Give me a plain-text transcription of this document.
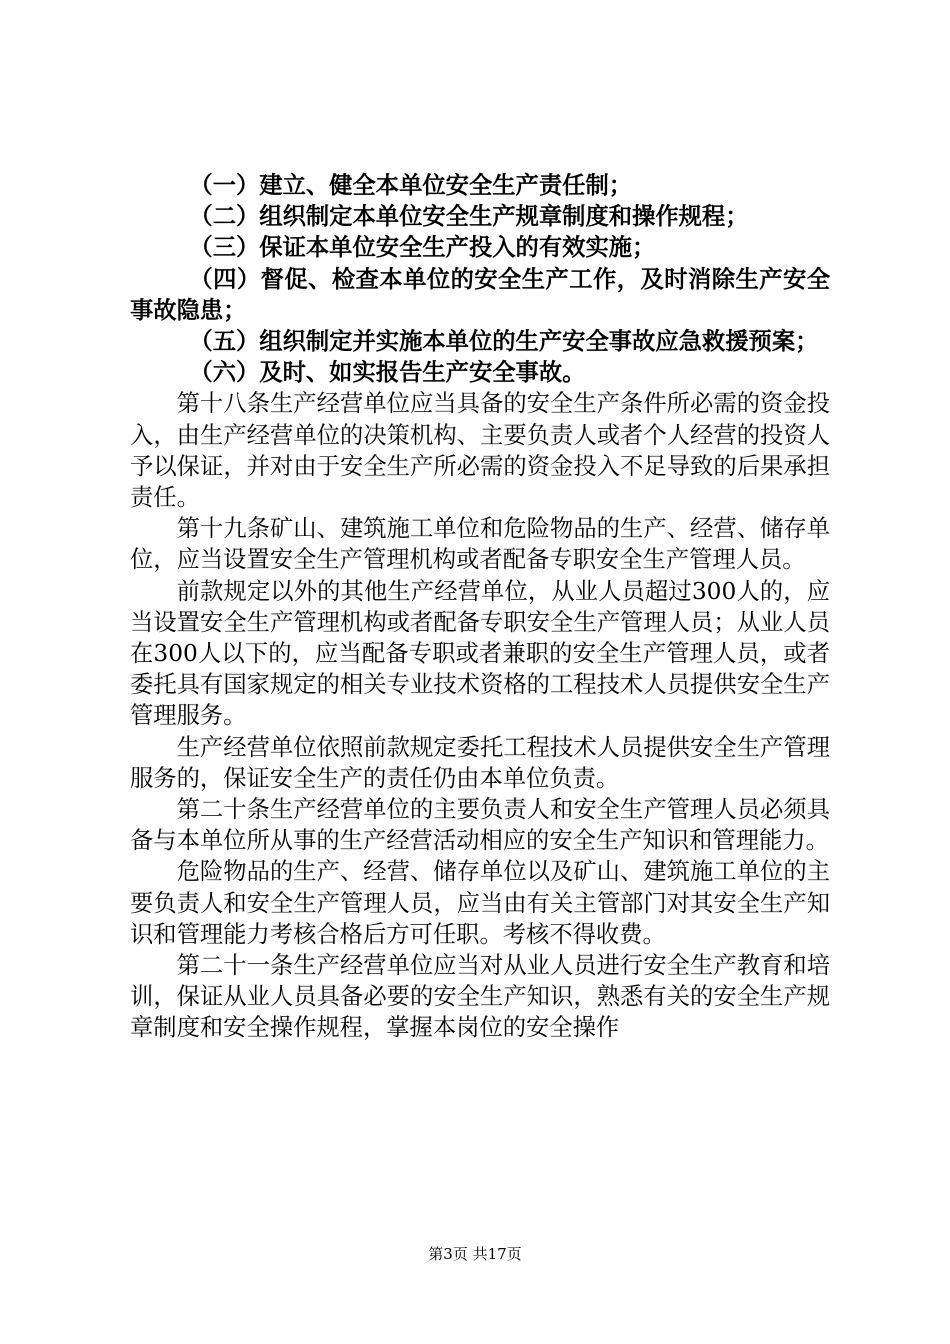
（一）建立、健全本单位安全生产责任制；

（二）组织制定本单位安全生产规章制度和操作规程；

（三）保证本单位安全生产投入的有效实施；

（四）督促、检查本单位的安全生产工作，及时消除生产安全事故隐患；

（五）组织制定并实施本单位的生产安全事故应急救援预案；

（六）及时、如实报告生产安全事故。

第十八条生产经营单位应当具备的安全生产条件所必需的资金投入，由生产经营单位的决策机构、主要负责人或者个人经营的投资人予以保证，并对由于安全生产所必需的资金投入不足导致的后果承担责任。

第十九条矿山、建筑施工单位和危险物品的生产、经营、储存单位，应当设置安全生产管理机构或者配备专职安全生产管理人员。

前款规定以外的其他生产经营单位，从业人员超过300人的，应当设置安全生产管理机构或者配备专职安全生产管理人员；从业人员在300人以下的，应当配备专职或者兼职的安全生产管理人员，或者委托具有国家规定的相关专业技术资格的工程技术人员提供安全生产管理服务。

生产经营单位依照前款规定委托工程技术人员提供安全生产管理服务的，保证安全生产的责任仍由本单位负责。

第二十条生产经营单位的主要负责人和安全生产管理人员必须具备与本单位所从事的生产经营活动相应的安全生产知识和管理能力。

危险物品的生产、经营、储存单位以及矿山、建筑施工单位的主要负责人和安全生产管理人员，应当由有关主管部门对其安全生产知识和管理能力考核合格后方可任职。考核不得收费。

第二十一条生产经营单位应当对从业人员进行安全生产教育和培训，保证从业人员具备必要的安全生产知识，熟悉有关的安全生产规章制度和安全操作规程，掌握本岗位的安全操作

第3页 共17页
